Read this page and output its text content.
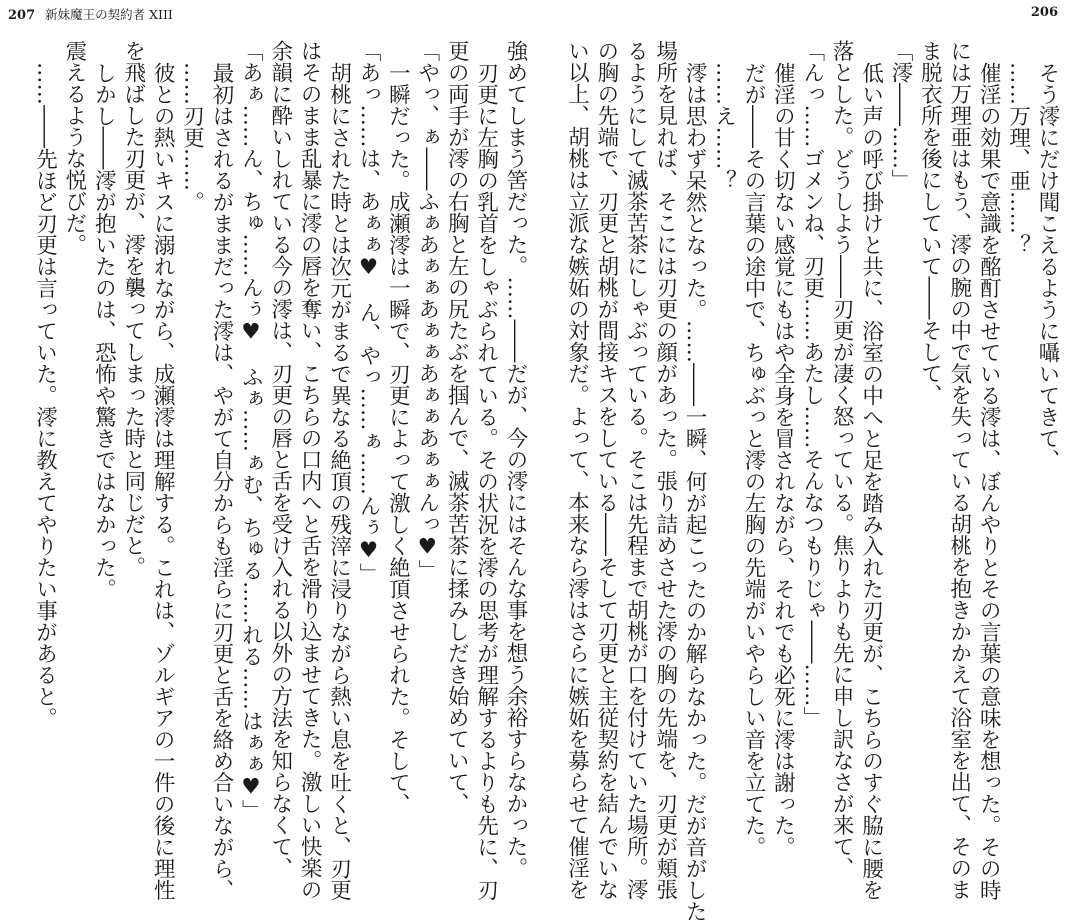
207 新妹魔王の契約者 XIII	206
そう澪にだけ聞こえるように囁いてきて、
……万理、亜……？
催淫の効果で意識を酩酊させている澪は、ぼんやりとその言葉の意味を想った。その時
には万理亜はもう、澪の腕の中で気を失っている胡桃を抱きかかえて浴室を出て、そのま
ま脱衣所を後にしていて――そして、
「澪――……」
低い声の呼び掛けと共に、浴室の中へと足を踏み入れた刃更が、こちらのすぐ脇に腰を
落とした。どうしよう――刃更が凄く怒っている。焦りよりも先に申し訳なさが来て、
「んっ……ゴメンね、刃更……あたし……そんなつもりじゃ――……」
催淫の甘く切ない感覚にもはや全身を冒されながら、それでも必死に澪は謝った。
だが――その言葉の途中で、ちゅぶっと澪の左胸の先端がいやらしい音を立てた。
……え……？
澪は思わず呆然となった。……――一瞬、何が起こったのか解らなかった。だが音がした
場所を見れば、そこには刃更の顔があった。張り詰めさせた澪の胸の先端を、刃更が頬張
るようにして滅茶苦茶にしゃぶっている。そこは先程まで胡桃が口を付けていた場所。澪
の胸の先端で、刃更と胡桃が間接キスをしている――そして刃更と主従契約を結んでいな
い以上、胡桃は立派な嫉妬の対象だ。よって、本来なら澪はさらに嫉妬を募らせて催淫を
強めてしまう筈だった。……――だが、今の澪にはそんな事を想う余裕すらなかった。
刃更に左胸の乳首をしゃぶられている。その状況を澪の思考が理解するよりも先に、刃
更の両手が澪の右胸と左の尻たぶを掴んで、滅茶苦茶に揉みしだき始めていて、
「やっ、ぁ――ふぁあぁぁあぁぁあぁぁあぁぁんっ♥」
一瞬だった。成瀬澪は一瞬で、刃更によって激しく絶頂させられた。そして、
「あっ……は、あぁぁ♥　ん、やっ……ぁ……んぅ♥」
胡桃にされた時とは次元がまるで異なる絶頂の残滓に浸りながら熱い息を吐くと、刃更
はそのまま乱暴に澪の唇を奪い、こちらの口内へと舌を滑り込ませてきた。激しい快楽の
余韻に酔いしれている今の澪は、刃更の唇と舌を受け入れる以外の方法を知らなくて、
「あぁ……ん、ちゅ……んぅ♥　ふぁ……ぁむ、ちゅる……れる……はぁぁ♥」
最初はされるがままだった澪は、やがて自分からも淫らに刃更と舌を絡め合いながら、
……刃更……。
彼との熱いキスに溺れながら、成瀬澪は理解する。これは、ゾルギアの一件の後に理性
を飛ばした刃更が、澪を襲ってしまった時と同じだと。
しかし――澪が抱いたのは、恐怖や驚きではなかった。
震えるような悦びだ。
……――先ほど刃更は言っていた。澪に教えてやりたい事があると。
